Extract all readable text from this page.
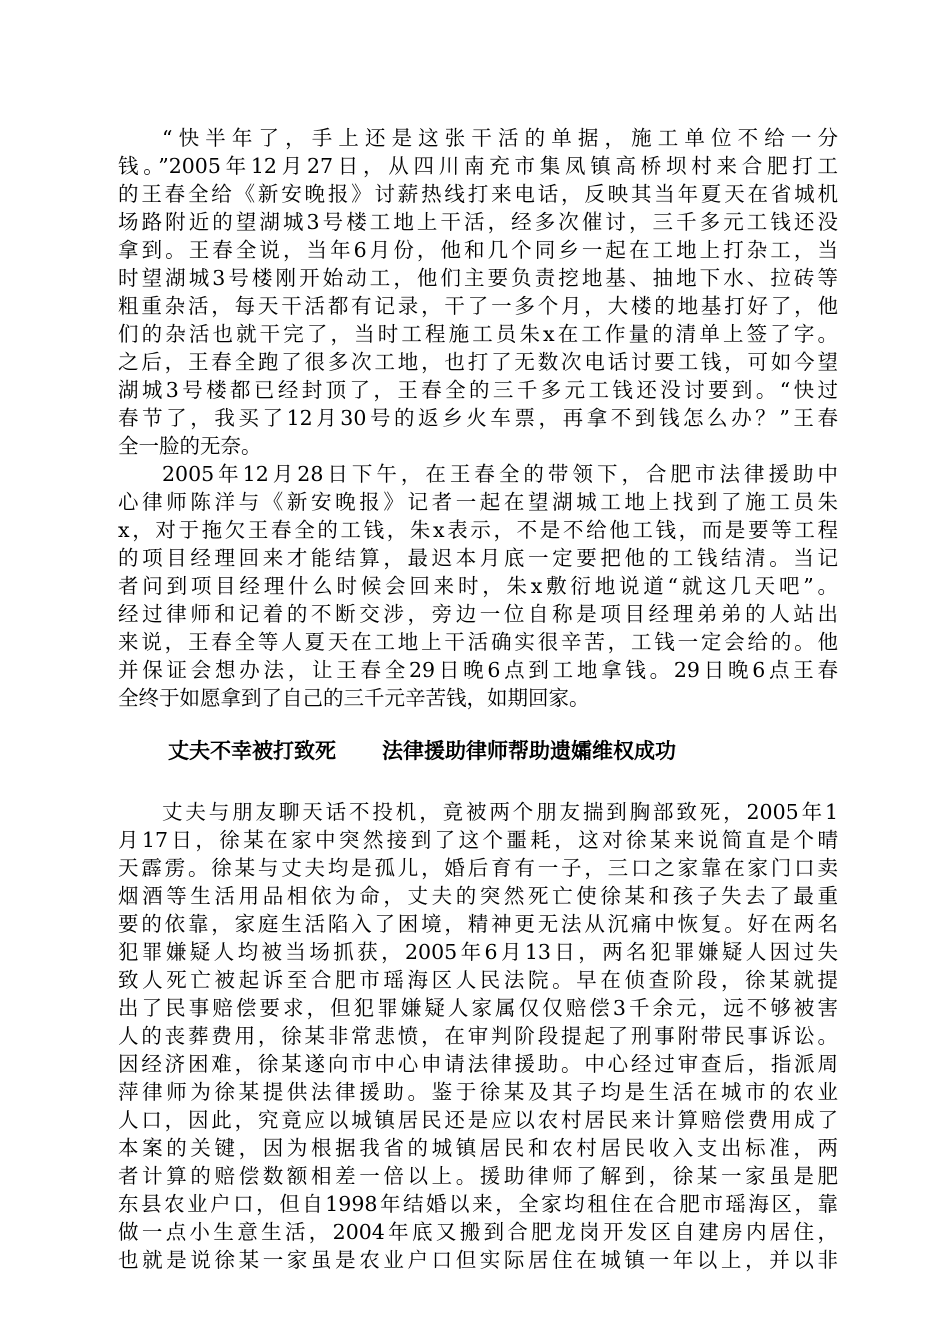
“快半年了，手上还是这张干活的单据，施工单位不给一分
钱。”2005年12月27日，从四川南充市集凤镇高桥坝村来合肥打工
的王春全给《新安晚报》讨薪热线打来电话，反映其当年夏天在省城机
场路附近的望湖城3号楼工地上干活，经多次催讨，三千多元工钱还没
拿到。王春全说，当年6月份，他和几个同乡一起在工地上打杂工，当
时望湖城3号楼刚开始动工，他们主要负责挖地基、抽地下水、拉砖等
粗重杂活，每天干活都有记录，干了一多个月，大楼的地基打好了，他
们的杂活也就干完了，当时工程施工员朱x在工作量的清单上签了字。
之后，王春全跑了很多次工地，也打了无数次电话讨要工钱，可如今望
湖城3号楼都已经封顶了，王春全的三千多元工钱还没讨要到。“快过
春节了，我买了12月30号的返乡火车票，再拿不到钱怎么办？”王春
全一脸的无奈。
2005年12月28日下午，在王春全的带领下，合肥市法律援助中
心律师陈洋与《新安晚报》记者一起在望湖城工地上找到了施工员朱
x，对于拖欠王春全的工钱，朱x表示，不是不给他工钱，而是要等工程
的项目经理回来才能结算，最迟本月底一定要把他的工钱结清。当记
者问到项目经理什么时候会回来时，朱x敷衍地说道“就这几天吧”。
经过律师和记着的不断交涉，旁边一位自称是项目经理弟弟的人站出
来说，王春全等人夏天在工地上干活确实很辛苦，工钱一定会给的。他
并保证会想办法，让王春全29日晚6点到工地拿钱。29日晚6点王春
全终于如愿拿到了自己的三千元辛苦钱，如期回家。
丈夫不幸被打致死 法律援助律师帮助遗孀维权成功
丈夫与朋友聊天话不投机，竟被两个朋友揣到胸部致死，2005年1
月17日，徐某在家中突然接到了这个噩耗，这对徐某来说简直是个晴
天霹雳。徐某与丈夫均是孤儿，婚后育有一子，三口之家靠在家门口卖
烟酒等生活用品相依为命，丈夫的突然死亡使徐某和孩子失去了最重
要的依靠，家庭生活陷入了困境，精神更无法从沉痛中恢复。好在两名
犯罪嫌疑人均被当场抓获，2005年6月13日，两名犯罪嫌疑人因过失
致人死亡被起诉至合肥市瑶海区人民法院。早在侦查阶段，徐某就提
出了民事赔偿要求，但犯罪嫌疑人家属仅仅赔偿3千余元，远不够被害
人的丧葬费用，徐某非常悲愤，在审判阶段提起了刑事附带民事诉讼。
因经济困难，徐某遂向市中心申请法律援助。中心经过审查后，指派周
萍律师为徐某提供法律援助。鉴于徐某及其子均是生活在城市的农业
人口，因此，究竟应以城镇居民还是应以农村居民来计算赔偿费用成了
本案的关键，因为根据我省的城镇居民和农村居民收入支出标准，两
者计算的赔偿数额相差一倍以上。援助律师了解到，徐某一家虽是肥
东县农业户口，但自1998年结婚以来，全家均租住在合肥市瑶海区，靠
做一点小生意生活，2004年底又搬到合肥龙岗开发区自建房内居住，
也就是说徐某一家虽是农业户口但实际居住在城镇一年以上，并以非
